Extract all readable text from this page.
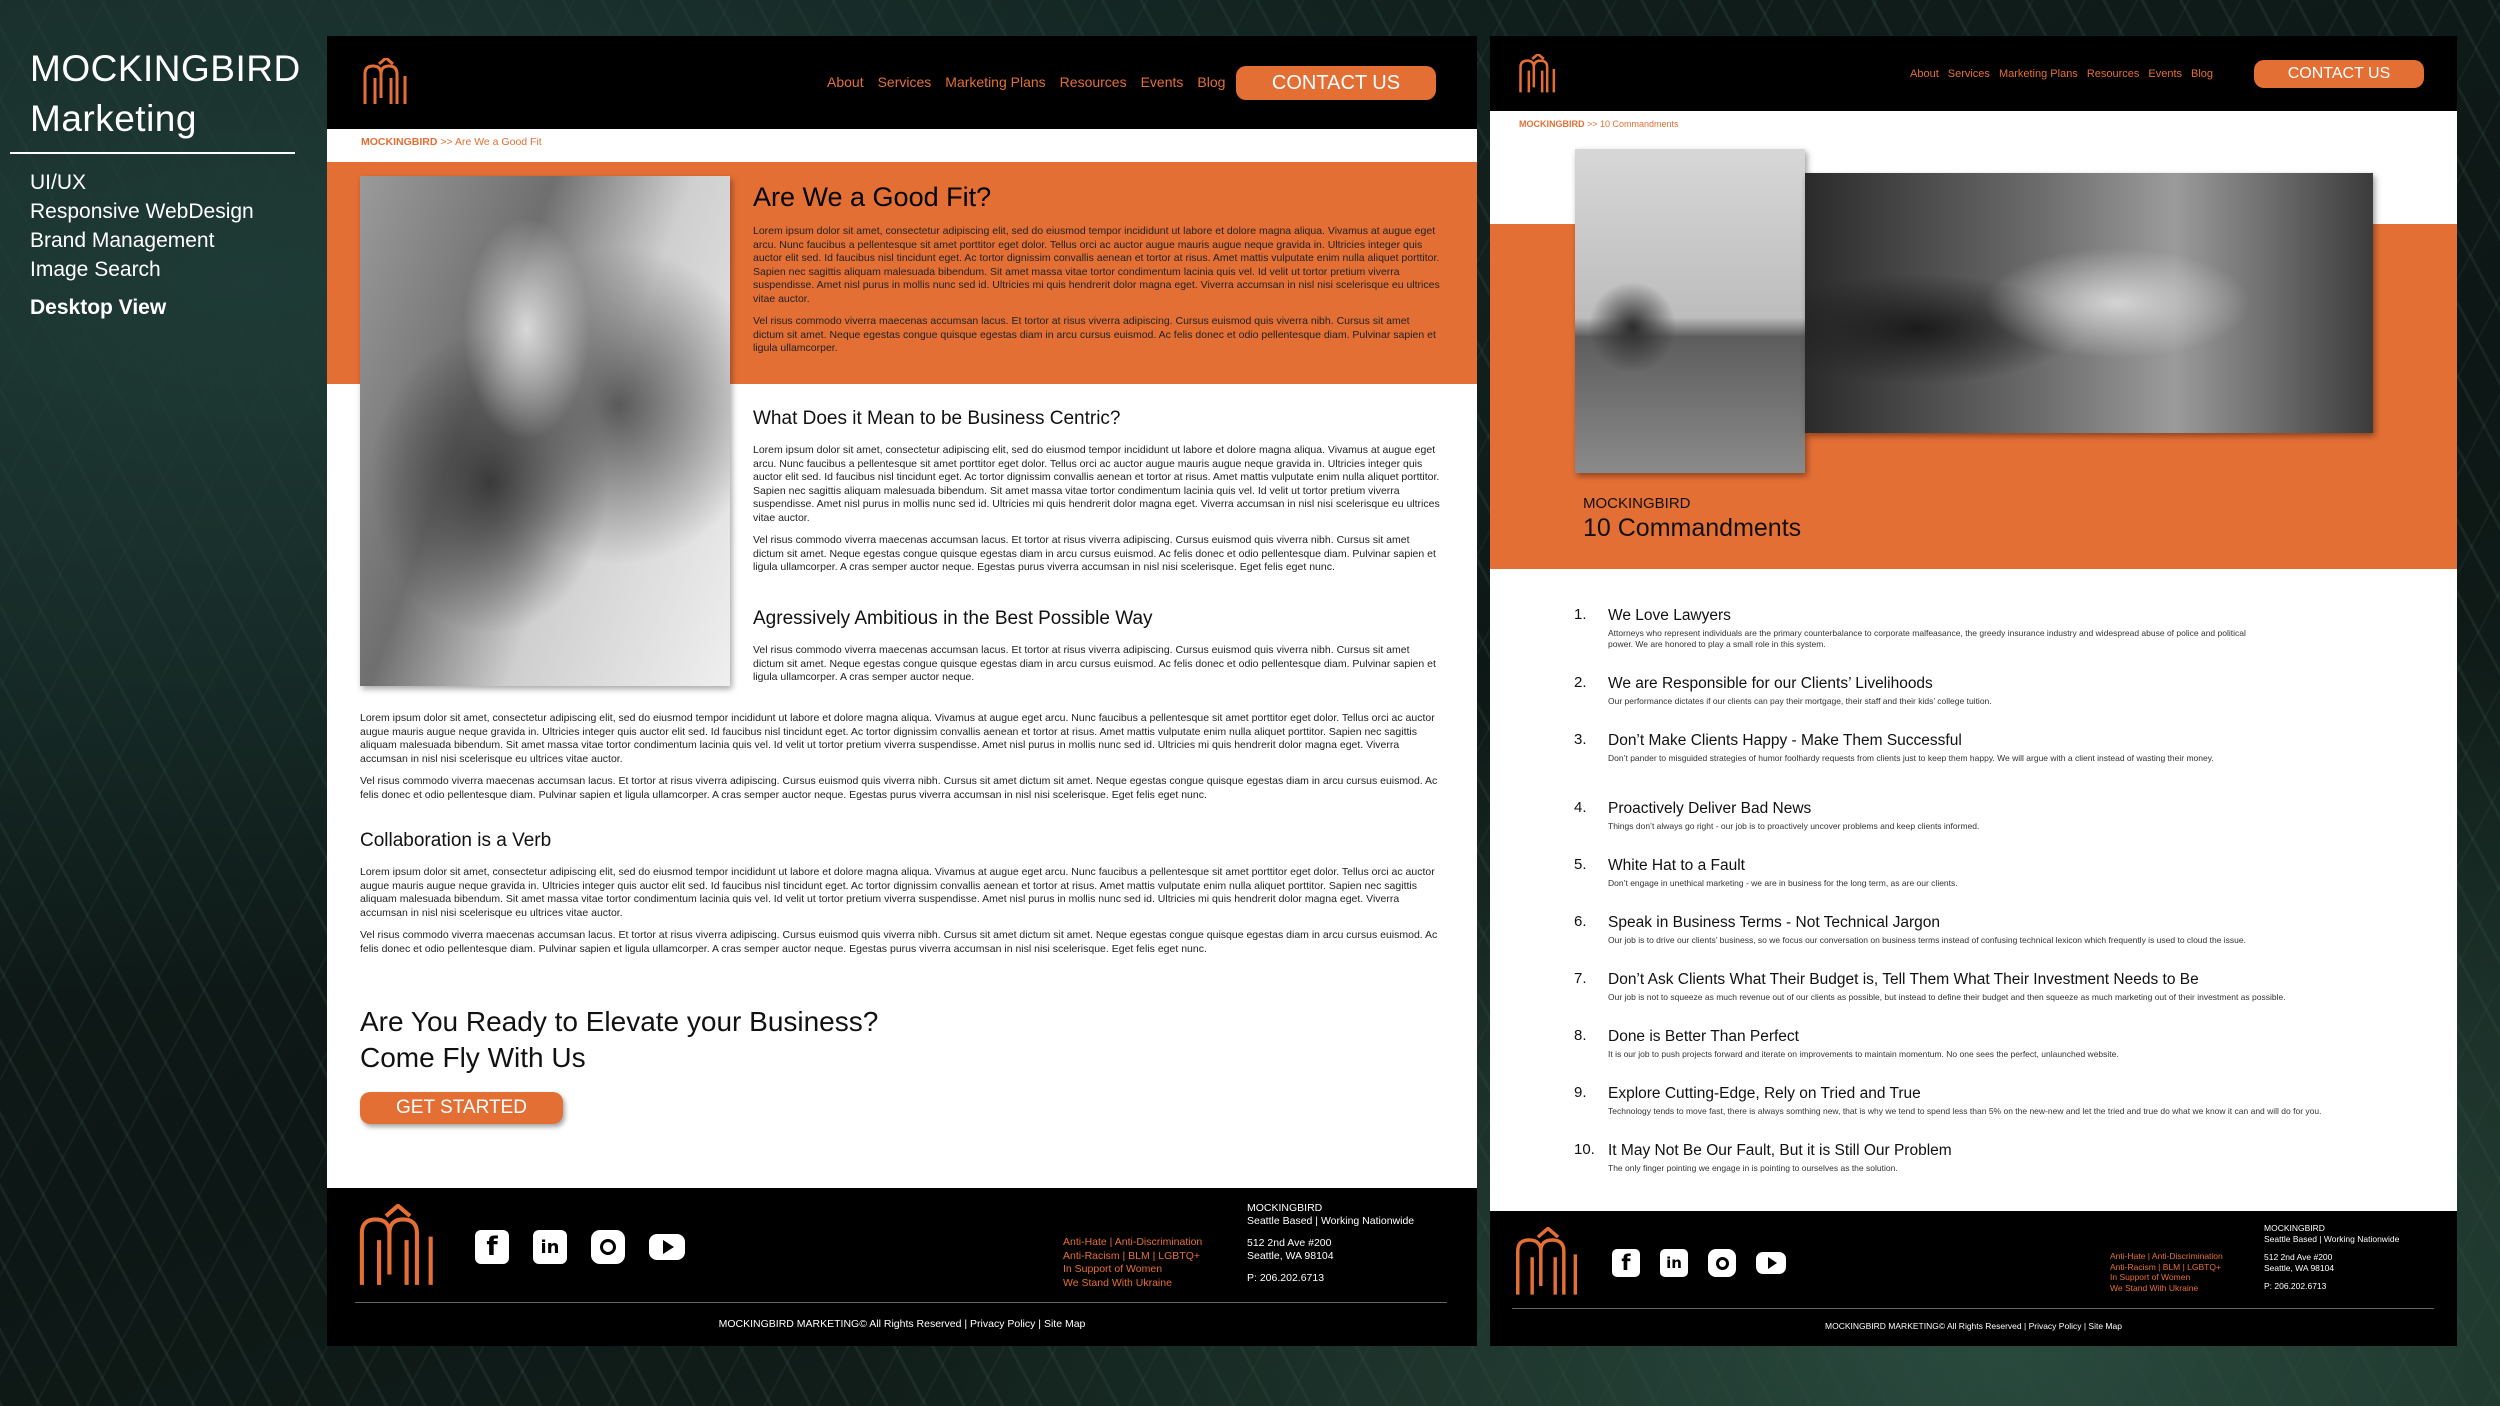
MOCKINGBIRD
Marketing
UI/UX
Responsive WebDesign
Brand Management
Image Search
Desktop View
About Services Marketing Plans Resources Events Blog	CONTACT US
MOCKINGBIRD >> Are We a Good Fit
Are We a Good Fit?

Lorem ipsum dolor sit amet, consectetur adipiscing elit, sed do eiusmod tempor incididunt ut labore et dolore magna aliqua. Vivamus at augue eget arcu. Nunc faucibus a pellentesque sit amet porttitor eget dolor. Tellus orci ac auctor augue mauris augue neque gravida in. Ultricies integer quis auctor elit sed. Id faucibus nisl tincidunt eget. Ac tortor dignissim convallis aenean et tortor at risus. Amet mattis vulputate enim nulla aliquet porttitor. Sapien nec sagittis aliquam malesuada bibendum. Sit amet massa vitae tortor condimentum lacinia quis vel. Id velit ut tortor pretium viverra suspendisse. Amet nisl purus in mollis nunc sed id. Ultricies mi quis hendrerit dolor magna eget. Viverra accumsan in nisl nisi scelerisque eu ultrices vitae auctor.

Vel risus commodo viverra maecenas accumsan lacus. Et tortor at risus viverra adipiscing. Cursus euismod quis viverra nibh. Cursus sit amet dictum sit amet. Neque egestas congue quisque egestas diam in arcu cursus euismod. Ac felis donec et odio pellentesque diam. Pulvinar sapien et ligula ullamcorper.

What Does it Mean to be Business Centric?

Lorem ipsum dolor sit amet, consectetur adipiscing elit, sed do eiusmod tempor incididunt ut labore et dolore magna aliqua. Vivamus at augue eget arcu. Nunc faucibus a pellentesque sit amet porttitor eget dolor. Tellus orci ac auctor augue mauris augue neque gravida in. Ultricies integer quis auctor elit sed. Id faucibus nisl tincidunt eget. Ac tortor dignissim convallis aenean et tortor at risus. Amet mattis vulputate enim nulla aliquet porttitor. Sapien nec sagittis aliquam malesuada bibendum. Sit amet massa vitae tortor condimentum lacinia quis vel. Id velit ut tortor pretium viverra suspendisse. Amet nisl purus in mollis nunc sed id. Ultricies mi quis hendrerit dolor magna eget. Viverra accumsan in nisl nisi scelerisque eu ultrices vitae auctor.

Vel risus commodo viverra maecenas accumsan lacus. Et tortor at risus viverra adipiscing. Cursus euismod quis viverra nibh. Cursus sit amet dictum sit amet. Neque egestas congue quisque egestas diam in arcu cursus euismod. Ac felis donec et odio pellentesque diam. Pulvinar sapien et ligula ullamcorper. A cras semper auctor neque. Egestas purus viverra accumsan in nisl nisi scelerisque. Eget felis eget nunc.

Agressively Ambitious in the Best Possible Way

Vel risus commodo viverra maecenas accumsan lacus. Et tortor at risus viverra adipiscing. Cursus euismod quis viverra nibh. Cursus sit amet dictum sit amet. Neque egestas congue quisque egestas diam in arcu cursus euismod. Ac felis donec et odio pellentesque diam. Pulvinar sapien et ligula ullamcorper. A cras semper auctor neque.

Lorem ipsum dolor sit amet, consectetur adipiscing elit, sed do eiusmod tempor incididunt ut labore et dolore magna aliqua. Vivamus at augue eget arcu. Nunc faucibus a pellentesque sit amet porttitor eget dolor. Tellus orci ac auctor augue mauris augue neque gravida in. Ultricies integer quis auctor elit sed. Id faucibus nisl tincidunt eget. Ac tortor dignissim convallis aenean et tortor at risus. Amet mattis vulputate enim nulla aliquet porttitor. Sapien nec sagittis aliquam malesuada bibendum. Sit amet massa vitae tortor condimentum lacinia quis vel. Id velit ut tortor pretium viverra suspendisse. Amet nisl purus in mollis nunc sed id. Ultricies mi quis hendrerit dolor magna eget. Viverra accumsan in nisl nisi scelerisque eu ultrices vitae auctor.

Vel risus commodo viverra maecenas accumsan lacus. Et tortor at risus viverra adipiscing. Cursus euismod quis viverra nibh. Cursus sit amet dictum sit amet. Neque egestas congue quisque egestas diam in arcu cursus euismod. Ac felis donec et odio pellentesque diam. Pulvinar sapien et ligula ullamcorper. A cras semper auctor neque. Egestas purus viverra accumsan in nisl nisi scelerisque. Eget felis eget nunc.

Collaboration is a Verb

Lorem ipsum dolor sit amet, consectetur adipiscing elit, sed do eiusmod tempor incididunt ut labore et dolore magna aliqua. Vivamus at augue eget arcu. Nunc faucibus a pellentesque sit amet porttitor eget dolor. Tellus orci ac auctor augue mauris augue neque gravida in. Ultricies integer quis auctor elit sed. Id faucibus nisl tincidunt eget. Ac tortor dignissim convallis aenean et tortor at risus. Amet mattis vulputate enim nulla aliquet porttitor. Sapien nec sagittis aliquam malesuada bibendum. Sit amet massa vitae tortor condimentum lacinia quis vel. Id velit ut tortor pretium viverra suspendisse. Amet nisl purus in mollis nunc sed id. Ultricies mi quis hendrerit dolor magna eget. Viverra accumsan in nisl nisi scelerisque eu ultrices vitae auctor.

Vel risus commodo viverra maecenas accumsan lacus. Et tortor at risus viverra adipiscing. Cursus euismod quis viverra nibh. Cursus sit amet dictum sit amet. Neque egestas congue quisque egestas diam in arcu cursus euismod. Ac felis donec et odio pellentesque diam. Pulvinar sapien et ligula ullamcorper. A cras semper auctor neque. Egestas purus viverra accumsan in nisl nisi scelerisque. Eget felis eget nunc.

Are You Ready to Elevate your Business?
Come Fly With Us
GET STARTED
f in	Anti-Hate | Anti-Discrimination
Anti-Racism | BLM | LGBTQ+
In Support of Women
We Stand With Ukraine
MOCKINGBIRD
Seattle Based | Working Nationwide
512 2nd Ave #200
Seattle, WA 98104
P: 206.202.6713
MOCKINGBIRD MARKETING© All Rights Reserved | Privacy Policy | Site Map
About Services Marketing Plans Resources Events Blog	CONTACT US
MOCKINGBIRD >> 10 Commandments
MOCKINGBIRD
10 Commandments
1.	We Love Lawyers
Attorneys who represent individuals are the primary counterbalance to corporate malfeasance, the greedy insurance industry and widespread abuse of police and political power. We are honored to play a small role in this system.
2.	We are Responsible for our Clients’ Livelihoods
Our performance dictates if our clients can pay their mortgage, their staff and their kids’ college tuition.
3.	Don’t Make Clients Happy - Make Them Successful
Don’t pander to misguided strategies of humor foolhardy requests from clients just to keep them happy. We will argue with a client instead of wasting their money.
4.	Proactively Deliver Bad News
Things don’t always go right - our job is to proactively uncover problems and keep clients informed.
5.	White Hat to a Fault
Don’t engage in unethical marketing - we are in business for the long term, as are our clients.
6.	Speak in Business Terms - Not Technical Jargon
Our job is to drive our clients’ business, so we focus our conversation on business terms instead of confusing technical lexicon which frequently is used to cloud the issue.
7.	Don’t Ask Clients What Their Budget is, Tell Them What Their Investment Needs to Be
Our job is not to squeeze as much revenue out of our clients as possible, but instead to define their budget and then squeeze as much marketing out of their investment as possible.
8.	Done is Better Than Perfect
It is our job to push projects forward and iterate on improvements to maintain momentum. No one sees the perfect, unlaunched website.
9.	Explore Cutting-Edge, Rely on Tried and True
Technology tends to move fast, there is always somthing new, that is why we tend to spend less than 5% on the new-new and let the tried and true do what we know it can and will do for you.
10. It May Not Be Our Fault, But it is Still Our Problem
The only finger pointing we engage in is pointing to ourselves as the solution.
f in	Anti-Hate | Anti-Discrimination
Anti-Racism | BLM | LGBTQ+
In Support of Women
We Stand With Ukraine
MOCKINGBIRD
Seattle Based | Working Nationwide
512 2nd Ave #200
Seattle, WA 98104
P: 206.202.6713
MOCKINGBIRD MARKETING© All Rights Reserved | Privacy Policy | Site Map
